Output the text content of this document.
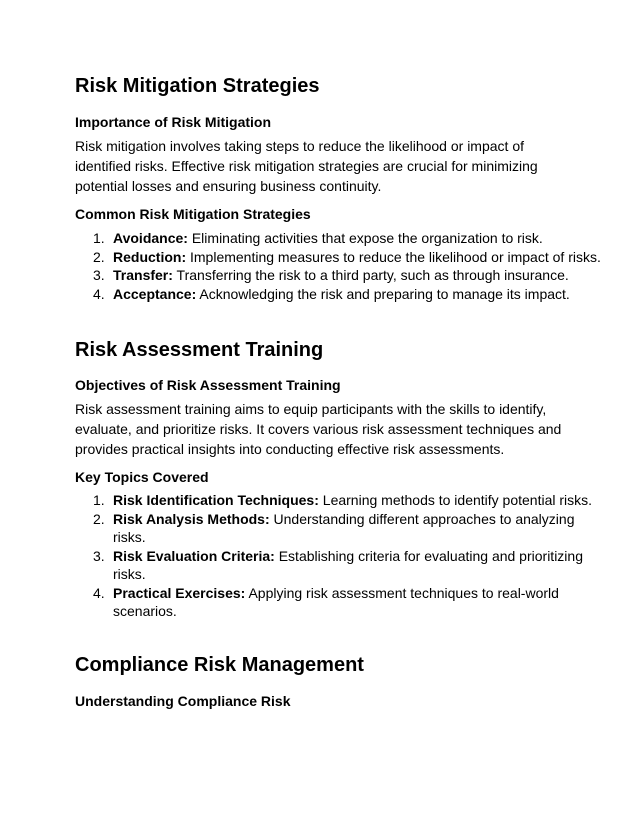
Risk Mitigation Strategies
Importance of Risk Mitigation

Risk mitigation involves taking steps to reduce the likelihood or impact of identified risks. Effective risk mitigation strategies are crucial for minimizing potential losses and ensuring business continuity.

Common Risk Mitigation Strategies
1. Avoidance: Eliminating activities that expose the organization to risk.
2. Reduction: Implementing measures to reduce the likelihood or impact of risks.
3. Transfer: Transferring the risk to a third party, such as through insurance.
4. Acceptance: Acknowledging the risk and preparing to manage its impact.
Risk Assessment Training
Objectives of Risk Assessment Training

Risk assessment training aims to equip participants with the skills to identify, evaluate, and prioritize risks. It covers various risk assessment techniques and provides practical insights into conducting effective risk assessments.

Key Topics Covered
1. Risk Identification Techniques: Learning methods to identify potential risks.
2. Risk Analysis Methods: Understanding different approaches to analyzing risks.
3. Risk Evaluation Criteria: Establishing criteria for evaluating and prioritizing risks.
4. Practical Exercises: Applying risk assessment techniques to real-world scenarios.
Compliance Risk Management
Understanding Compliance Risk
